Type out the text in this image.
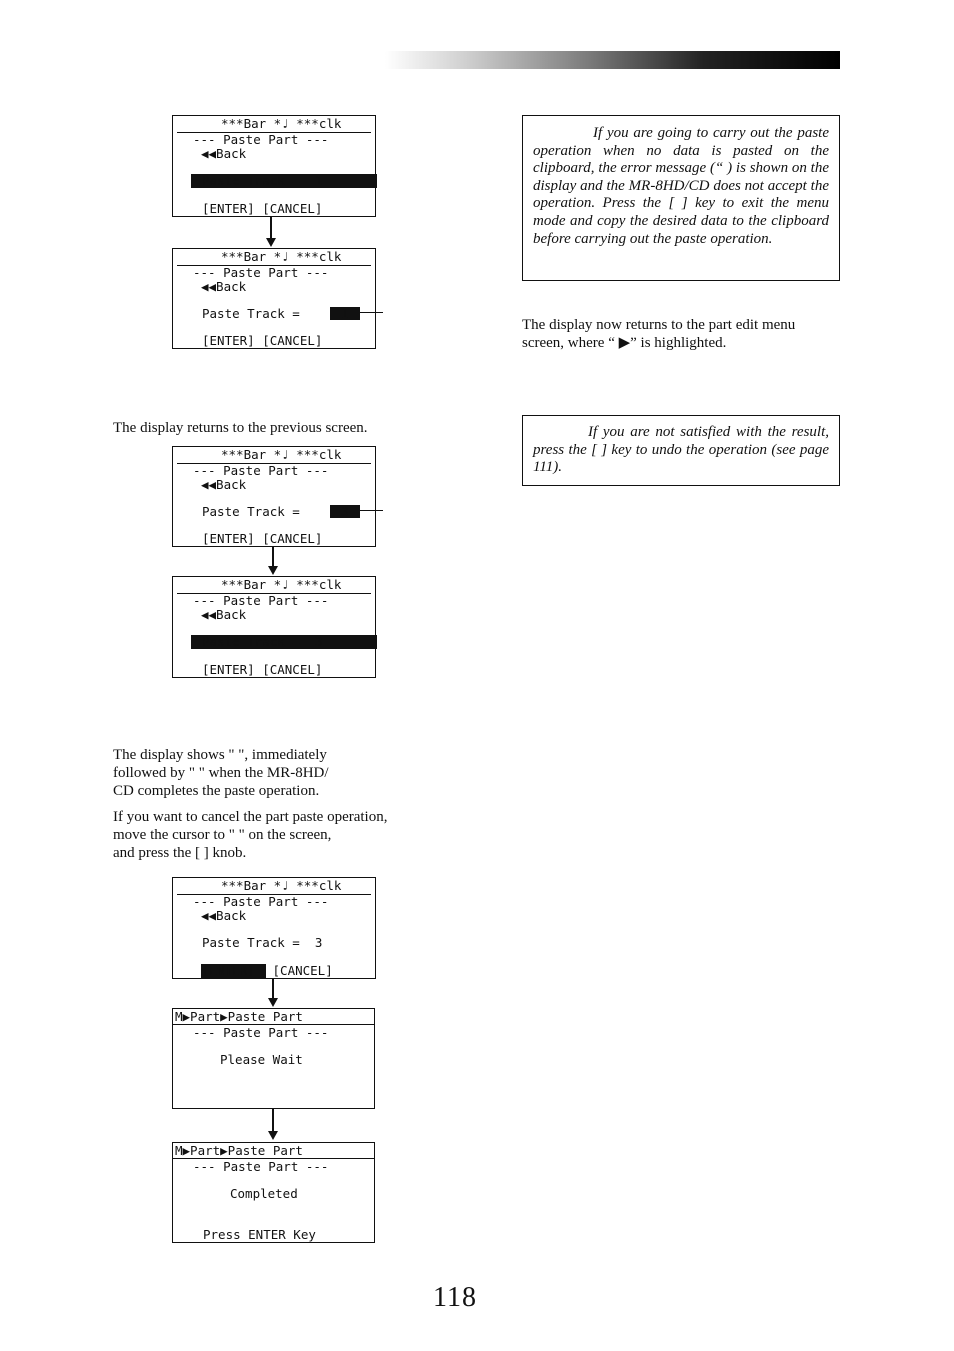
***Bar *♩ ***clk
--- Paste Part ---
◀◀Back
Paste Track =  1
[ENTER] [CANCEL]
***Bar *♩ ***clk
--- Paste Part ---
◀◀Back
Paste Track =	1
[ENTER] [CANCEL]
The display returns to the previous screen.
***Bar *♩ ***clk
--- Paste Part ---
◀◀Back
Paste Track =	3
[ENTER] [CANCEL]
***Bar *♩ ***clk
--- Paste Part ---
◀◀Back
Paste Track =  3
[ENTER] [CANCEL]
The display shows " ", immediately
followed by " " when the MR-8HD/
CD completes the paste operation.
If you want to cancel the part paste operation,
move the cursor to " " on the screen,
and press the [ ] knob.
***Bar *♩ ***clk
--- Paste Part ---
◀◀Back
Paste Track =  3
[ENTER] [CANCEL]
M▶Part▶Paste Part
--- Paste Part ---
Please Wait
M▶Part▶Paste Part
--- Paste Part ---
Completed
Press ENTER Key
If you are going to carry out the paste operation when no data is pasted on the clipboard, the error message (“ ) is shown on the display and the MR-8HD/CD does not accept the operation. Press the [ ] key to exit the menu mode and copy the desired data to the clipboard before carrying out the paste operation.
The display now returns to the part edit menu
screen, where “ ▶” is highlighted.
If you are not satisfied with the result, press the [ ] key to undo the operation (see page 111).
118
